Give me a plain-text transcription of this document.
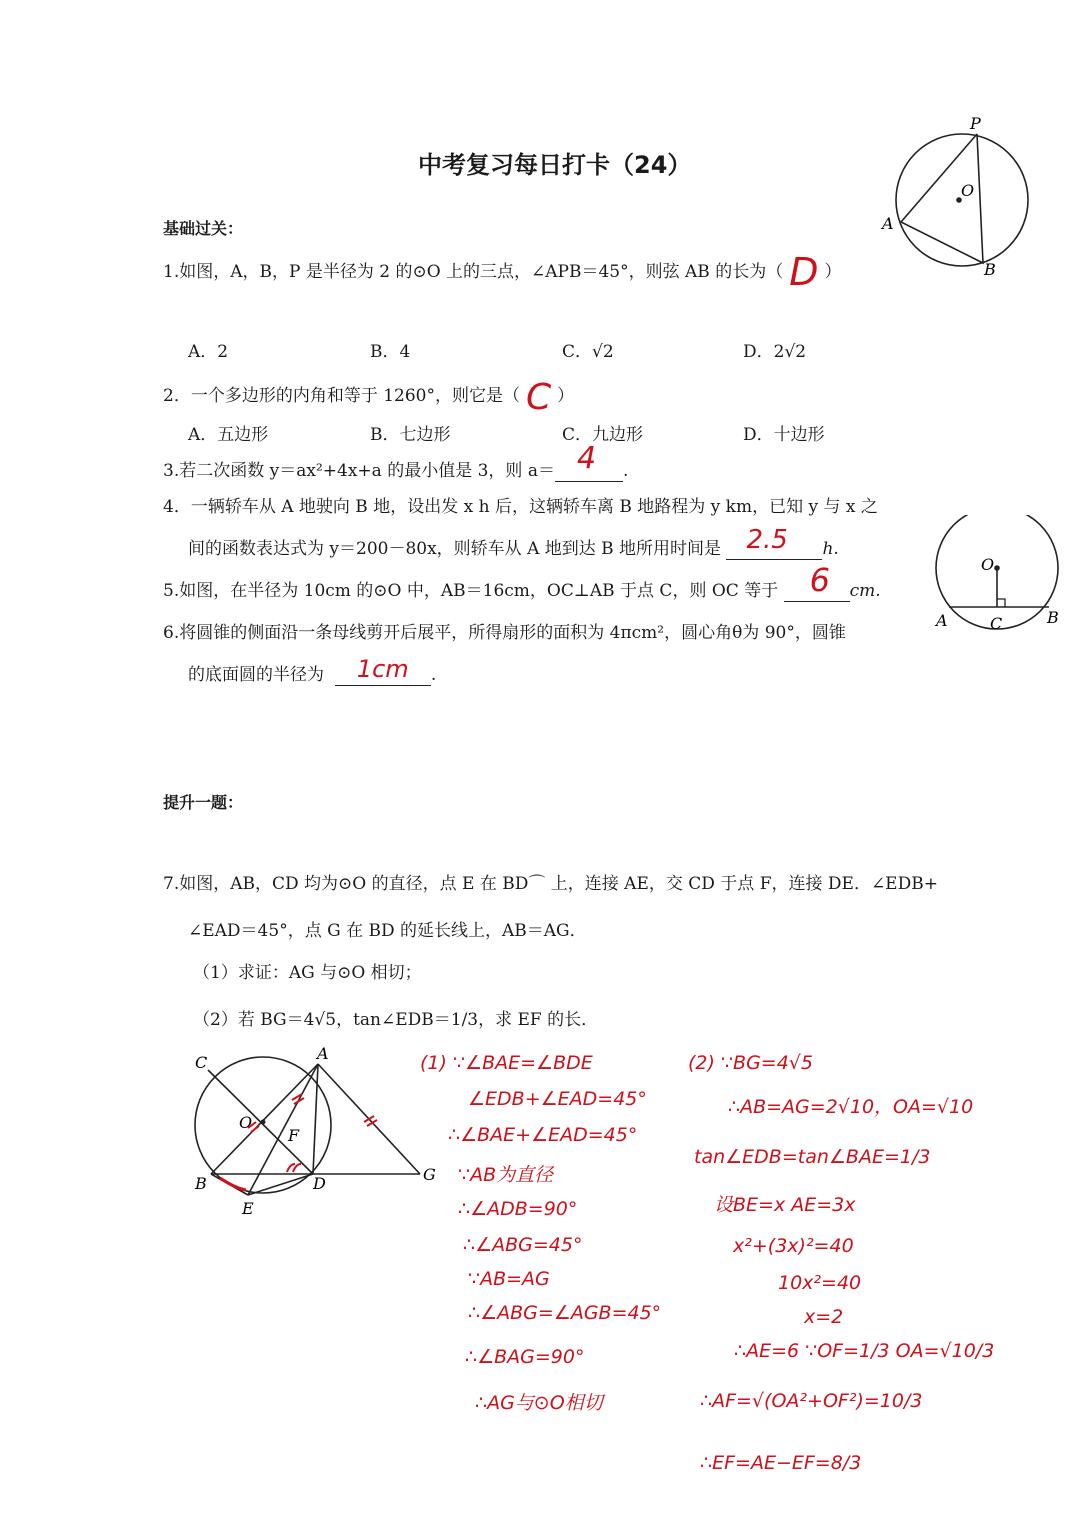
中考复习每日打卡（24）
P
O
A
B
基础过关：
1.如图，A，B，P 是半径为 2 的⊙O 上的三点，∠APB＝45°，则弦 AB 的长为（ D ）
A．2	B．4	C．√2	D．2√2
2．一个多边形的内角和等于 1260°，则它是（ C ）
A．五边形	B．七边形	C．九边形	D．十边形
3.若二次函数 y＝ax²+4x+a 的最小值是 3，则 a＝ 4 .
4．一辆轿车从 A 地驶向 B 地，设出发 x h 后，这辆轿车离 B 地路程为 y km，已知 y 与 x 之
间的函数表达式为 y＝200－80x，则轿车从 A 地到达 B 地所用时间是 2.5 h.
O
A	C	B
5.如图，在半径为 10cm 的⊙O 中，AB＝16cm，OC⊥AB 于点 C，则 OC 等于 6 cm.
6.将圆锥的侧面沿一条母线剪开后展平，所得扇形的面积为 4πcm²，圆心角θ为 90°，圆锥
的底面圆的半径为 1cm .
提升一题：
7.如图，AB，CD 均为⊙O 的直径，点 E 在 BD⌒ 上，连接 AE，交 CD 于点 F，连接 DE．∠EDB+
∠EAD＝45°，点 G 在 BD 的延长线上，AB＝AG．
（1）求证：AG 与⊙O 相切；
（2）若 BG＝4√5，tan∠EDB＝1/3，求 EF 的长．
C	A
O
F
B
E
D	G
(1) ∵∠BAE=∠BDE
∠EDB+∠EAD=45°
∴∠BAE+∠EAD=45°
∵AB为直径
∴∠ADB=90°
∴∠ABG=45°
∵AB=AG
∴∠ABG=∠AGB=45°
∴∠BAG=90°
∴AG与⊙O相切
(2) ∵BG=4√5
∴AB=AG=2√10，OA=√10
tan∠EDB=tan∠BAE=1/3
设BE=x AE=3x
x²+(3x)²=40
10x²=40
x=2
∴AE=6 ∵OF=1/3 OA=√10/3
∴AF=√(OA²+OF²)=10/3
∴EF=AE−EF=8/3
